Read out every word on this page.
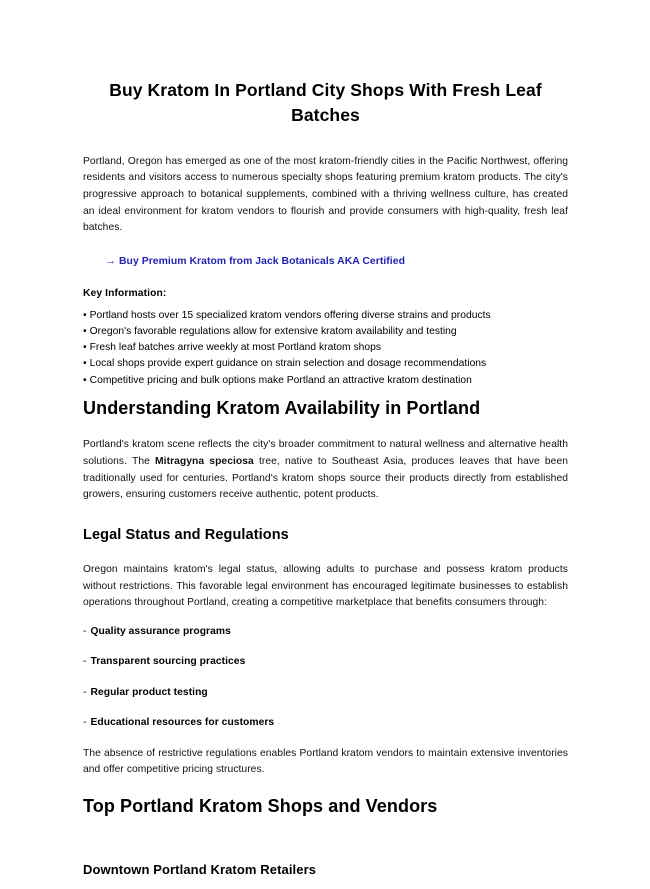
Buy Kratom In Portland City Shops With Fresh Leaf Batches

Portland, Oregon has emerged as one of the most kratom-friendly cities in the Pacific Northwest, offering residents and visitors access to numerous specialty shops featuring premium kratom products. The city's progressive approach to botanical supplements, combined with a thriving wellness culture, has created an ideal environment for kratom vendors to flourish and provide consumers with high-quality, fresh leaf batches.

→ Buy Premium Kratom from Jack Botanicals AKA Certified
Key Information:
• Portland hosts over 15 specialized kratom vendors offering diverse strains and products
• Oregon's favorable regulations allow for extensive kratom availability and testing
• Fresh leaf batches arrive weekly at most Portland kratom shops
• Local shops provide expert guidance on strain selection and dosage recommendations
• Competitive pricing and bulk options make Portland an attractive kratom destination
Understanding Kratom Availability in Portland

Portland's kratom scene reflects the city's broader commitment to natural wellness and alternative health solutions. The Mitragyna speciosa tree, native to Southeast Asia, produces leaves that have been traditionally used for centuries. Portland's kratom shops source their products directly from established growers, ensuring customers receive authentic, potent products.

Legal Status and Regulations

Oregon maintains kratom's legal status, allowing adults to purchase and possess kratom products without restrictions. This favorable legal environment has encouraged legitimate businesses to establish operations throughout Portland, creating a competitive marketplace that benefits consumers through:

- Quality assurance programs
- Transparent sourcing practices
- Regular product testing
- Educational resources for customers

The absence of restrictive regulations enables Portland kratom vendors to maintain extensive inventories and offer competitive pricing structures.

Top Portland Kratom Shops and Vendors
Downtown Portland Kratom Retailers
